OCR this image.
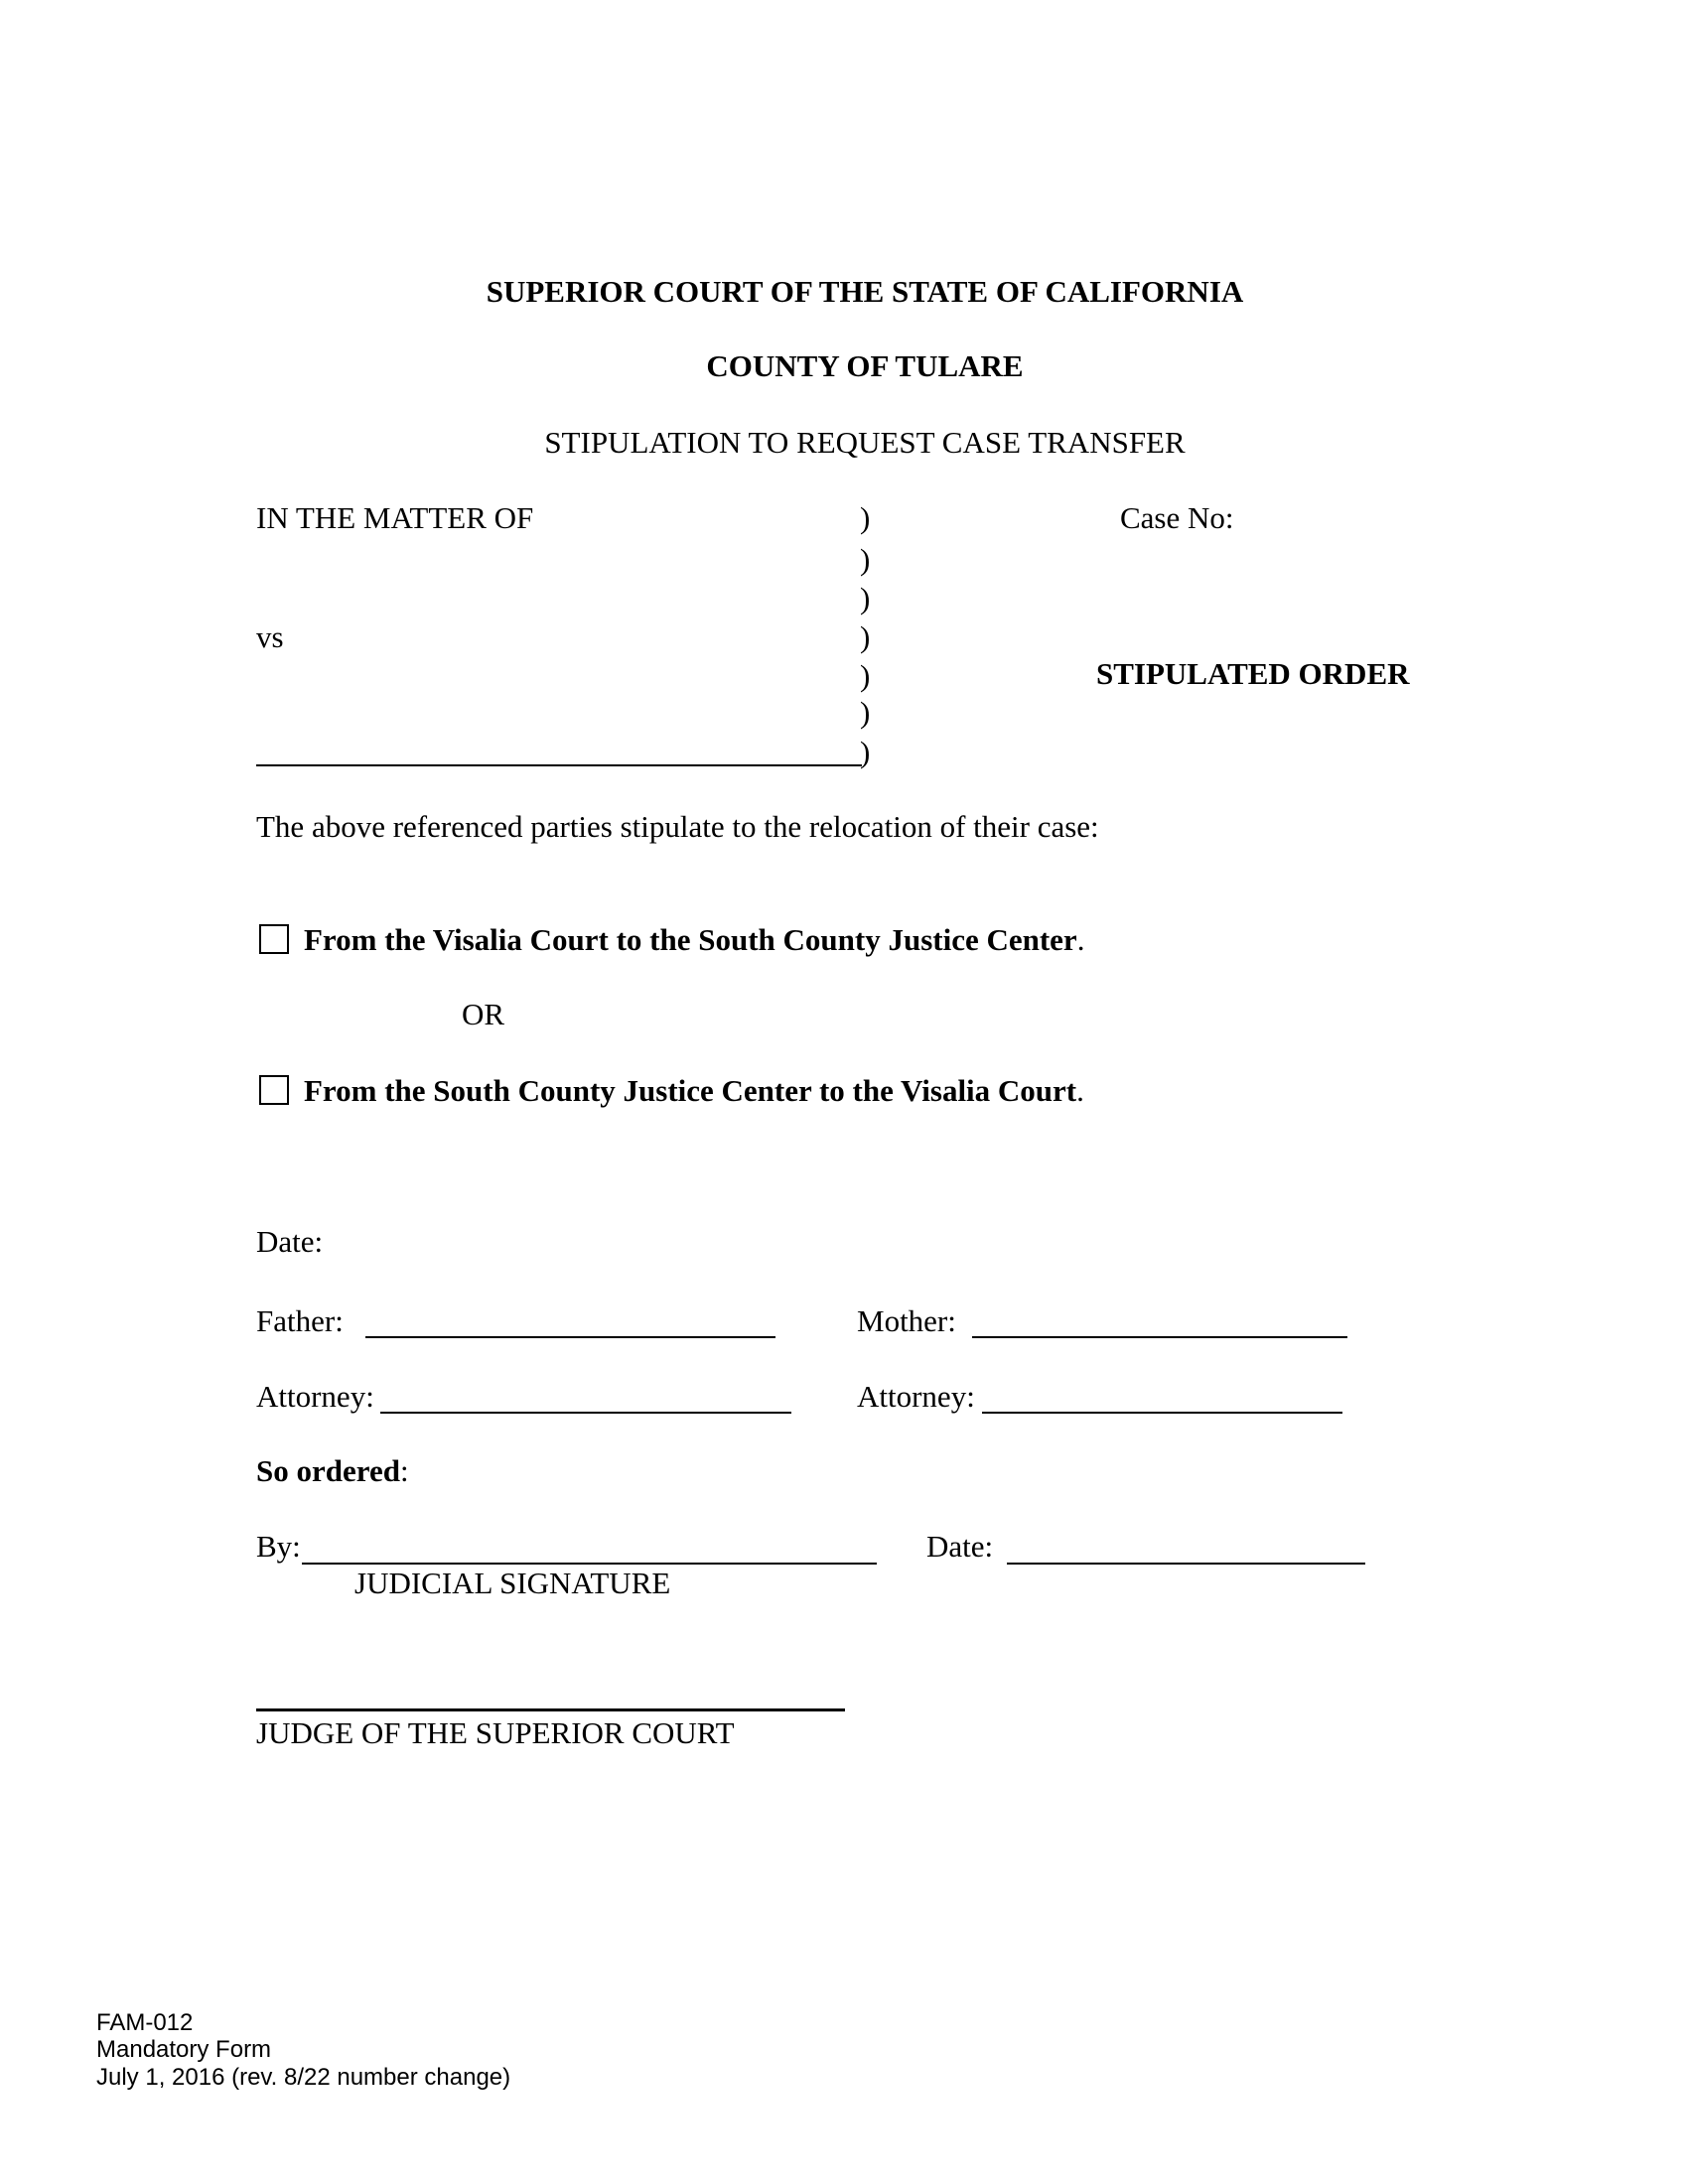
SUPERIOR COURT OF THE STATE OF CALIFORNIA
COUNTY OF TULARE
STIPULATION TO REQUEST CASE TRANSFER
IN THE MATTER OF
vs
)
)
)
)
)
)
)
Case No:
STIPULATED ORDER
The above referenced parties stipulate to the relocation of their case:
From the Visalia Court to the South County Justice Center.
OR
From the South County Justice Center to the Visalia Court.
Date:
Father:	Mother:
Attorney:	Attorney:
So ordered:
By:	Date:
JUDICIAL SIGNATURE
JUDGE OF THE SUPERIOR COURT
FAM-012
Mandatory Form
July 1, 2016 (rev. 8/22 number change)
